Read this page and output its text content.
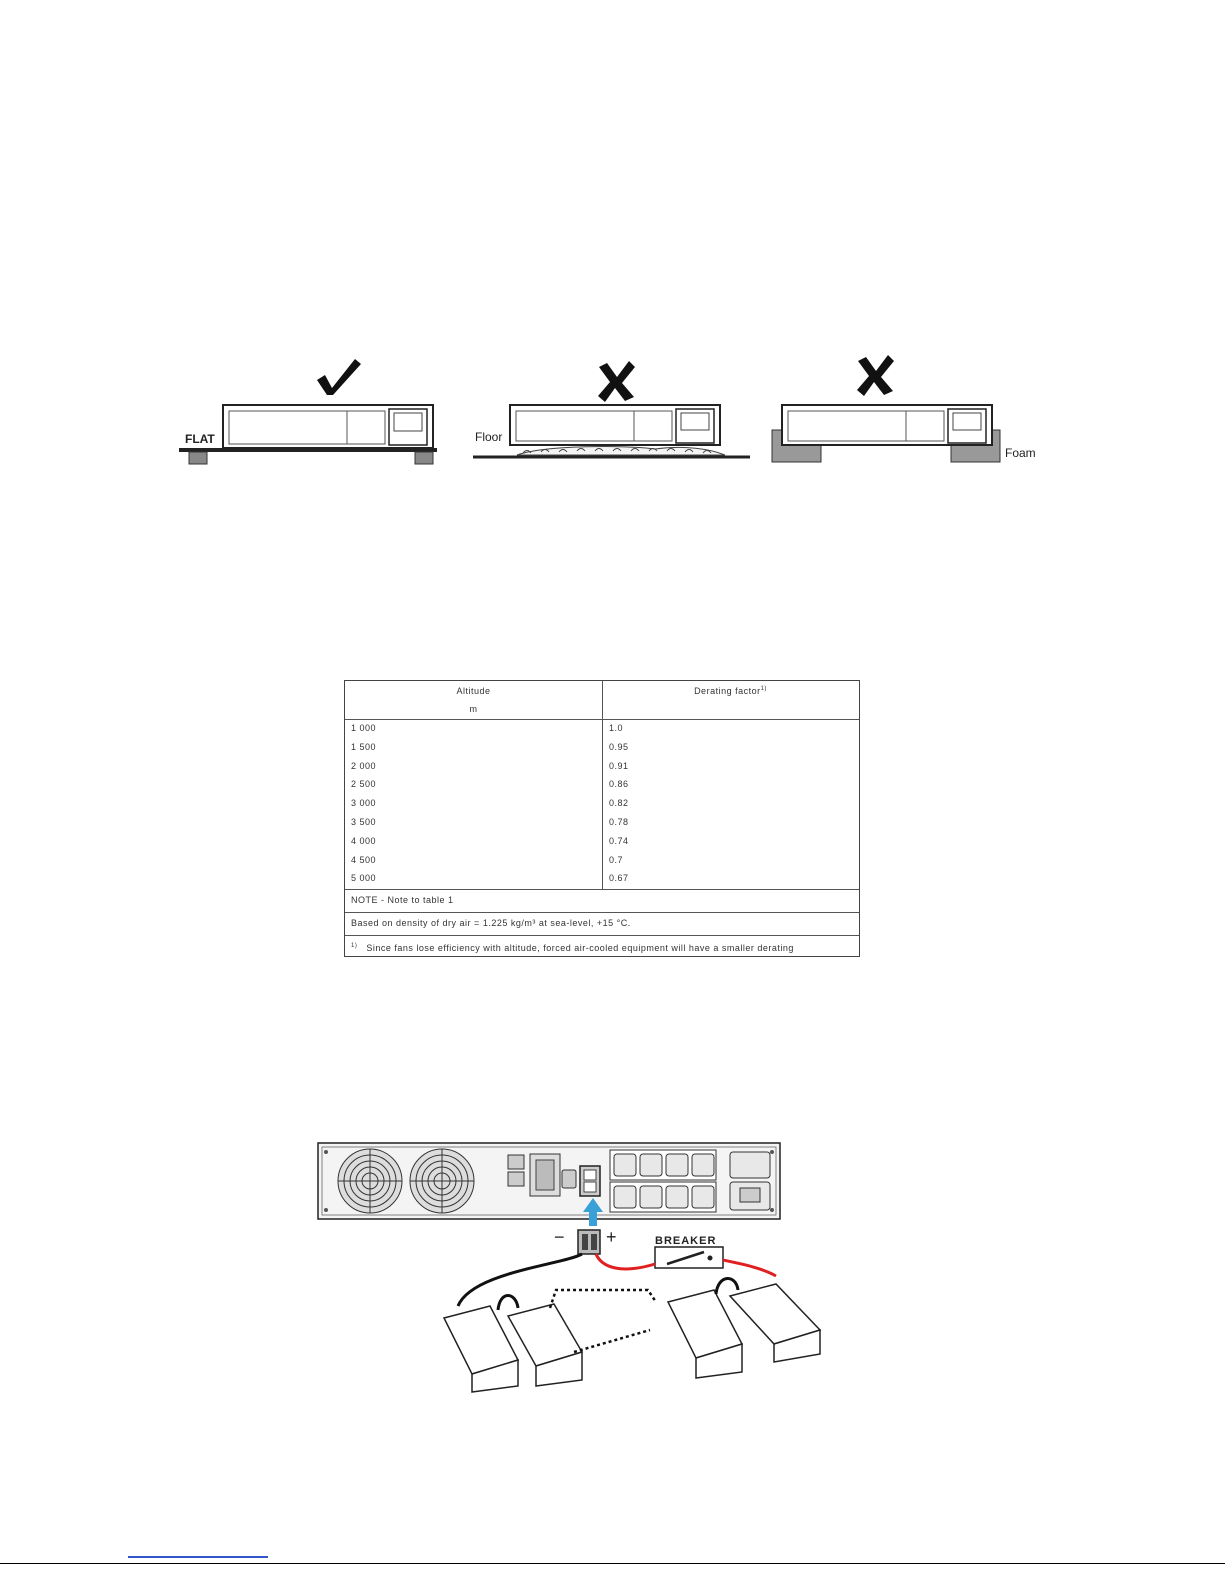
FLAT	Floor
Foam
Altitude
m
Derating factor$^{1)}$
1 000	1.0
1 500	0.95
2 000	0.91
2 500	0.86
3 000	0.82
3 500	0.78
4 000	0.74
4 500	0.7
5 000	0.67
NOTE - Note to table 1
Based on density of dry air = 1.225 kg/m³ at sea-level, +15 °C.
$^{1)}$ Since fans lose efficiency with altitude, forced air-cooled equipment will have a smaller derating
− +	BREAKER
